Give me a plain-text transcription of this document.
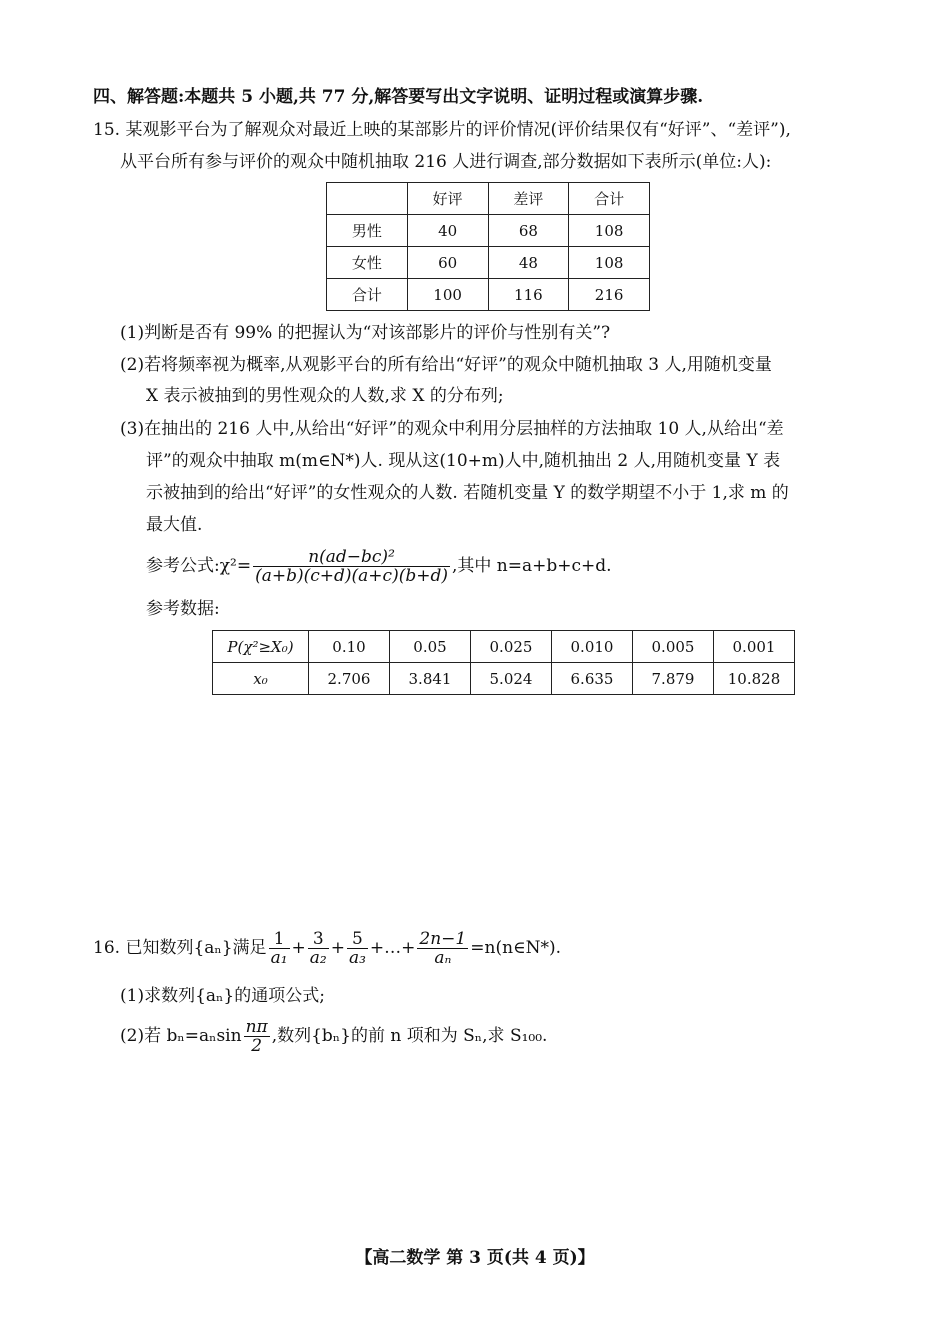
四、解答题:本题共 5 小题,共 77 分,解答要写出文字说明、证明过程或演算步骤.
15. 某观影平台为了解观众对最近上映的某部影片的评价情况(评价结果仅有“好评”、“差评”),
从平台所有参与评价的观众中随机抽取 216 人进行调查,部分数据如下表所示(单位:人):
	好评	差评	合计
男性	40	68	108
女性	60	48	108
合计	100	116	216
(1)判断是否有 99% 的把握认为“对该部影片的评价与性别有关”?
(2)若将频率视为概率,从观影平台的所有给出“好评”的观众中随机抽取 3 人,用随机变量
X 表示被抽到的男性观众的人数,求 X 的分布列;
(3)在抽出的 216 人中,从给出“好评”的观众中利用分层抽样的方法抽取 10 人,从给出“差
评”的观众中抽取 m(m∈N*)人. 现从这(10+m)人中,随机抽出 2 人,用随机变量 Y 表
示被抽到的给出“好评”的女性观众的人数. 若随机变量 Y 的数学期望不小于 1,求 m 的
最大值.
参考公式:χ²= $\frac{\text{n(ad−bc)²}}{(a+b)(c+d)(a+c)(b+d)}$ ,其中 n=a+b+c+d.
参考数据:
P(χ²≥X₀)	0.10	0.05	0.025	0.010	0.005	0.001
x₀	2.706	3.841	5.024	6.635	7.879	10.828
16. 已知数列{aₙ}满足 $\frac{1}{\text{a₁}} + \frac{3}{\text{a₂}} + \frac{5}{\text{a₃}}$ +…+ $\frac{2n-1}{\text{aₙ}}$ =n(n∈N*).
(1)求数列{aₙ}的通项公式;
(2)若 $b_n=a_n\sin \frac{n\pi}{2}$ ,数列{bₙ}的前 n 项和为 Sₙ,求 S₁₀₀.
【高二数学 第 3 页(共 4 页)】
